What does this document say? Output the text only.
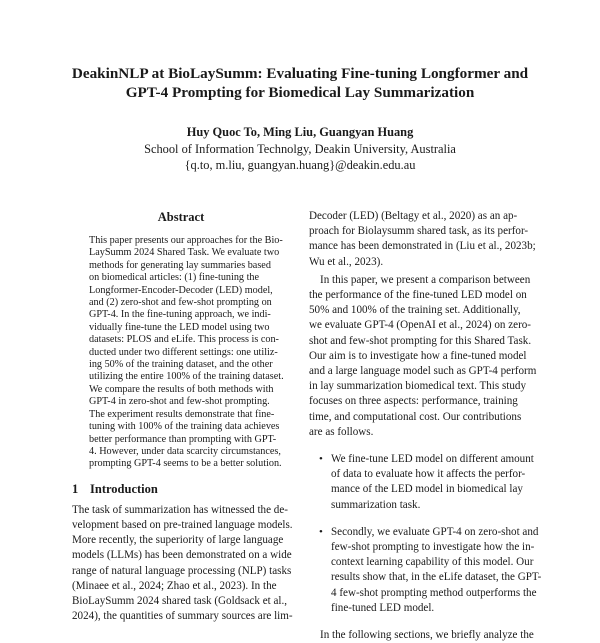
DeakinNLP at BioLaySumm: Evaluating Fine-tuning Longformer and
GPT-4 Prompting for Biomedical Lay Summarization
Huy Quoc To, Ming Liu, Guangyan Huang
School of Information Technolgy, Deakin University, Australia
{q.to, m.liu, guangyan.huang}@deakin.edu.au
Abstract
This paper presents our approaches for the Bio-
LaySumm 2024 Shared Task. We evaluate two
methods for generating lay summaries based
on biomedical articles: (1) fine-tuning the
Longformer-Encoder-Decoder (LED) model,
and (2) zero-shot and few-shot prompting on
GPT-4. In the fine-tuning approach, we indi-
vidually fine-tune the LED model using two
datasets: PLOS and eLife. This process is con-
ducted under two different settings: one utiliz-
ing 50% of the training dataset, and the other
utilizing the entire 100% of the training dataset.
We compare the results of both methods with
GPT-4 in zero-shot and few-shot prompting.
The experiment results demonstrate that fine-
tuning with 100% of the training data achieves
better performance than prompting with GPT-
4. However, under data scarcity circumstances,
prompting GPT-4 seems to be a better solution.
1 Introduction
The task of summarization has witnessed the de-
velopment based on pre-trained language models.
More recently, the superiority of large language
models (LLMs) has been demonstrated on a wide
range of natural language processing (NLP) tasks
(Minaee et al., 2024; Zhao et al., 2023). In the
BioLaySumm 2024 shared task (Goldsack et al.,
2024), the quantities of summary sources are lim-
Decoder (LED) (Beltagy et al., 2020) as an ap-
proach for Biolaysumm shared task, as its perfor-
mance has been demonstrated in (Liu et al., 2023b;
Wu et al., 2023).
In this paper, we present a comparison between
the performance of the fine-tuned LED model on
50% and 100% of the training set. Additionally,
we evaluate GPT-4 (OpenAI et al., 2024) on zero-
shot and few-shot prompting for this Shared Task.
Our aim is to investigate how a fine-tuned model
and a large language model such as GPT-4 perform
in lay summarization biomedical text. This study
focuses on three aspects: performance, training
time, and computational cost. Our contributions
are as follows.
• We fine-tune LED model on different amount
of data to evaluate how it affects the perfor-
mance of the LED model in biomedical lay
summarization task.
• Secondly, we evaluate GPT-4 on zero-shot and
few-shot prompting to investigate how the in-
context learning capability of this model. Our
results show that, in the eLife dataset, the GPT-
4 few-shot prompting method outperforms the
fine-tuned LED model.
In the following sections, we briefly analyze the
